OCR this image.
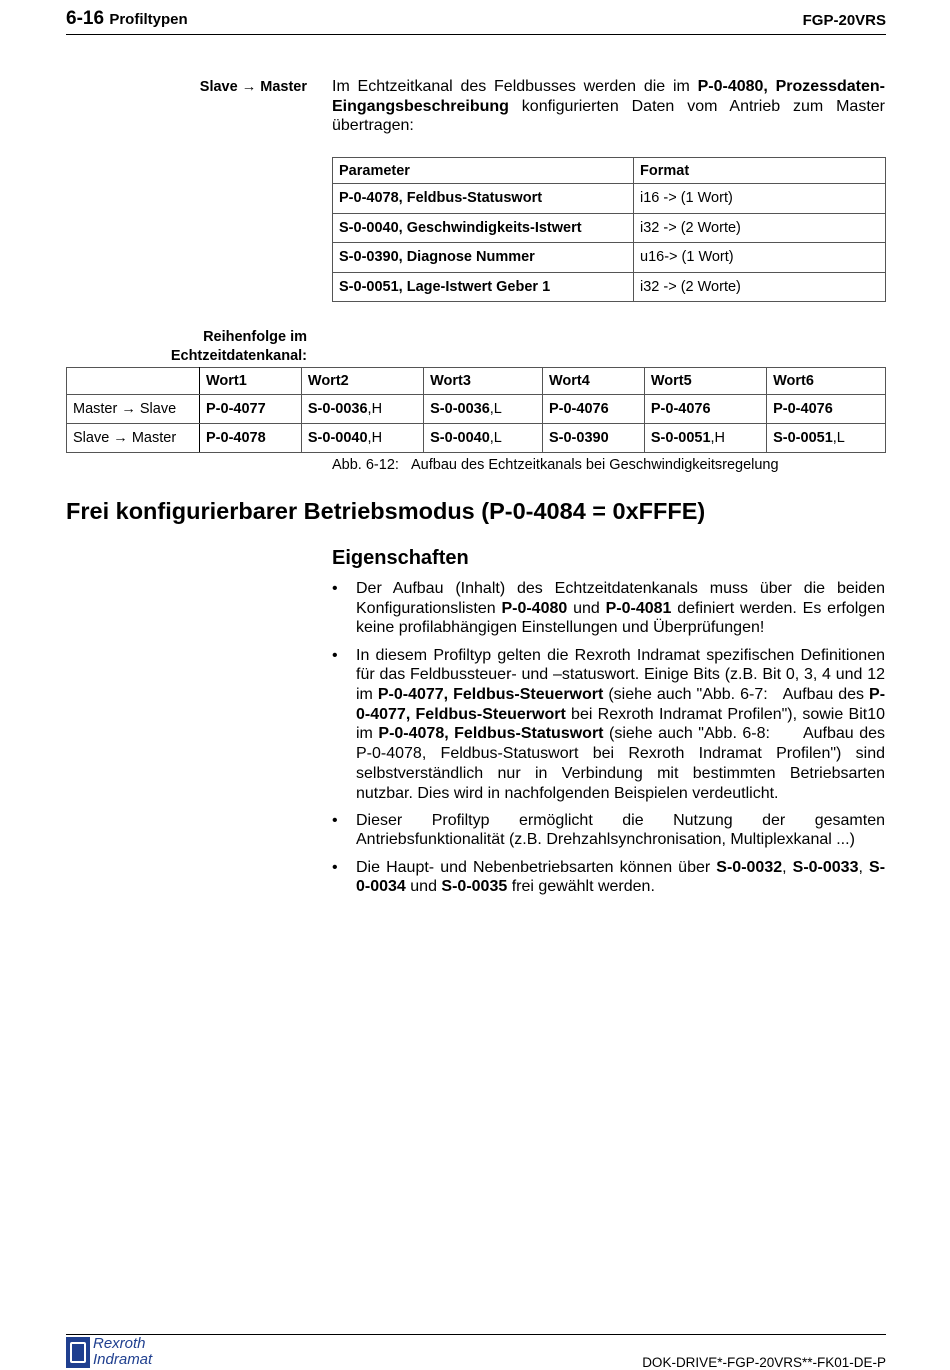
6-16 Profiltypen	FGP-20VRS
Slave → Master Im Echtzeitkanal des Feldbusses werden die im P-0-4080, Prozessdaten-Eingangsbeschreibung konfigurierten Daten vom Antrieb zum Master übertragen:
Parameter	Format
P-0-4078, Feldbus-Statuswort	i16 -> (1 Wort)
S-0-0040, Geschwindigkeits-Istwert	i32 -> (2 Worte)
S-0-0390, Diagnose Nummer	u16-> (1 Wort)
S-0-0051, Lage-Istwert Geber 1	i32 -> (2 Worte)
Reihenfolge im
Echtzeitdatenkanal:
	Wort1	Wort2	Wort3	Wort4	Wort5	Wort6
Master → Slave	P-0-4077	S-0-0036,H	S-0-0036,L	P-0-4076	P-0-4076	P-0-4076
Slave → Master	P-0-4078	S-0-0040,H	S-0-0040,L	S-0-0390	S-0-0051,H	S-0-0051,L
Abb. 6-12:   Aufbau des Echtzeitkanals bei Geschwindigkeitsregelung
Frei konfigurierbarer Betriebsmodus (P-0-4084 = 0xFFFE)
Eigenschaften
• Der Aufbau (Inhalt) des Echtzeitdatenkanals muss über die beiden Konfigurationslisten P-0-4080 und P-0-4081 definiert werden. Es erfolgen keine profilabhängigen Einstellungen und Überprüfungen!
• In diesem Profiltyp gelten die Rexroth Indramat spezifischen Definitionen für das Feldbussteuer- und –statuswort. Einige Bits (z.B. Bit 0, 3, 4 und 12 im P-0-4077, Feldbus-Steuerwort (siehe auch "Abb. 6-7:   Aufbau des P-0-4077, Feldbus-Steuerwort bei Rexroth Indramat Profilen"), sowie Bit10 im P-0-4078, Feldbus-Statuswort (siehe auch "Abb. 6-8:      Aufbau des P-0-4078, Feldbus-Statuswort bei Rexroth Indramat Profilen") sind selbstverständlich nur in Verbindung mit bestimmten Betriebsarten nutzbar. Dies wird in nachfolgenden Beispielen verdeutlicht.
• Dieser Profiltyp ermöglicht die Nutzung der gesamten Antriebsfunktionalität (z.B. Drehzahlsynchronisation, Multiplexkanal ...)
• Die Haupt- und Nebenbetriebsarten können über S-0-0032, S-0-0033, S-0-0034 und S-0-0035 frei gewählt werden.
Rexroth
Indramat	DOK-DRIVE*-FGP-20VRS**-FK01-DE-P
